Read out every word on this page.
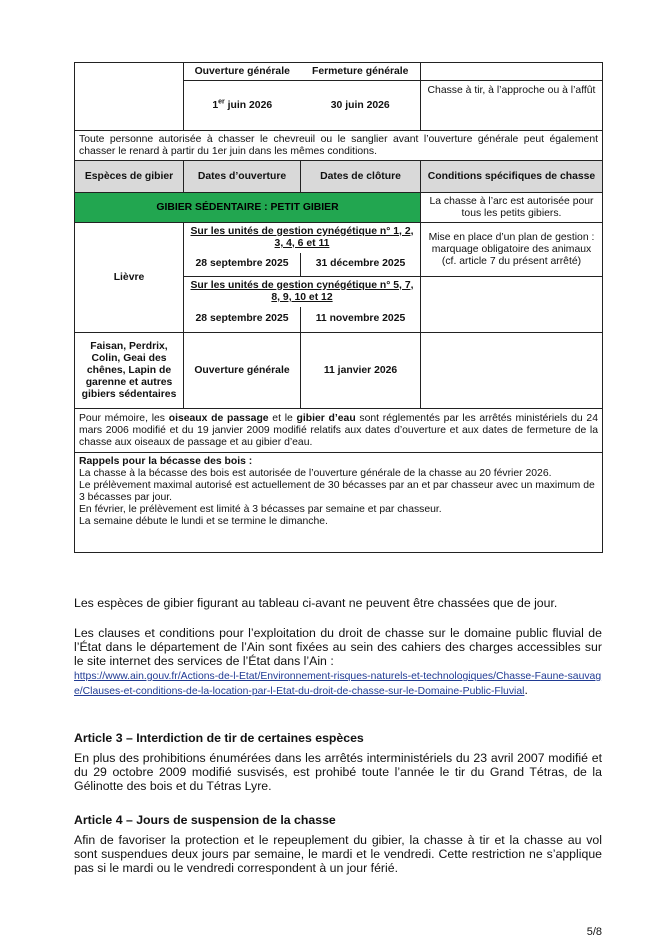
	Ouverture générale	Fermeture générale	
	1er juin 2026	30 juin 2026	Chasse à tir, à l’approche ou à l’affût
Toute personne autorisée à chasser le chevreuil ou le sanglier avant l’ouverture générale peut également chasser le renard à partir du 1er juin dans les mêmes conditions.			
Espèces de gibier	Dates d’ouverture	Dates de clôture	Conditions spécifiques de chasse
GIBIER SÉDENTAIRE : PETIT GIBIER			La chasse à l’arc est autorisée pour tous les petits gibiers.
Lièvre	Sur les unités de gestion cynégétique n° 1, 2, 3, 4, 6 et 11		Mise en place d’un plan de gestion : marquage obligatoire des animaux (cf. article 7 du présent arrêté)
	28 septembre 2025	31 décembre 2025	
	Sur les unités de gestion cynégétique n° 5, 7, 8, 9, 10 et 12		
	28 septembre 2025	11 novembre 2025	
Faisan, Perdrix, Colin, Geai des chênes, Lapin de garenne et autres gibiers sédentaires	Ouverture générale	11 janvier 2026	
Pour mémoire, les oiseaux de passage et le gibier d’eau sont réglementés par les arrêtés ministériels du 24 mars 2006 modifié et du 19 janvier 2009 modifié relatifs aux dates d’ouverture et aux dates de fermeture de la chasse aux oiseaux de passage et au gibier d’eau.			

Rappels pour la bécasse des bois :
La chasse à la bécasse des bois est autorisée de l’ouverture générale de la chasse au 20 février 2026.
Le prélèvement maximal autorisé est actuellement de 30 bécasses par an et par chasseur avec un maximum de 3 bécasses par jour.
En février, le prélèvement est limité à 3 bécasses par semaine et par chasseur.
La semaine débute le lundi et se termine le dimanche.			

Les espèces de gibier figurant au tableau ci-avant ne peuvent être chassées que de jour.

Les clauses et conditions pour l’exploitation du droit de chasse sur le domaine public fluvial de l’État dans le département de l’Ain sont fixées au sein des cahiers des charges accessibles sur le site internet des services de l’État dans l’Ain :
https://www.ain.gouv.fr/Actions-de-l-Etat/Environnement-risques-naturels-et-technologiques/Chasse-Faune-sauvage/Clauses-et-conditions-de-la-location-par-l-Etat-du-droit-de-chasse-sur-le-Domaine-Public-Fluvial.

Article 3 – Interdiction de tir de certaines espèces

En plus des prohibitions énumérées dans les arrêtés interministériels du 23 avril 2007 modifié et du 29 octobre 2009 modifié susvisés, est prohibé toute l’année le tir du Grand Tétras, de la Gélinotte des bois et du Tétras Lyre.

Article 4 – Jours de suspension de la chasse

Afin de favoriser la protection et le repeuplement du gibier, la chasse à tir et la chasse au vol sont suspendues deux jours par semaine, le mardi et le vendredi. Cette restriction ne s’applique pas si le mardi ou le vendredi correspondent à un jour férié.

5/8
